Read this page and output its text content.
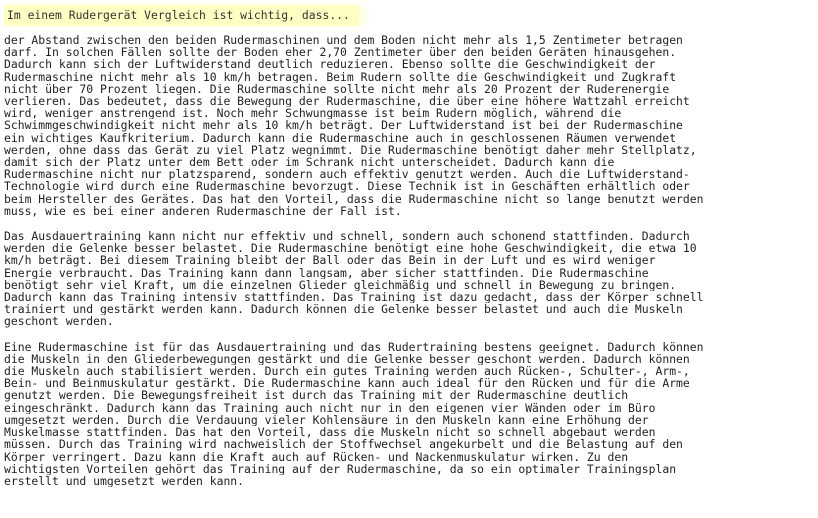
Im einem Rudergerät Vergleich ist wichtig, dass...
der Abstand zwischen den beiden Rudermaschinen und dem Boden nicht mehr als 1,5 Zentimeter betragen
darf. In solchen Fällen sollte der Boden eher 2,70 Zentimeter über den beiden Geräten hinausgehen.
Dadurch kann sich der Luftwiderstand deutlich reduzieren. Ebenso sollte die Geschwindigkeit der
Rudermaschine nicht mehr als 10 km/h betragen. Beim Rudern sollte die Geschwindigkeit und Zugkraft
nicht über 70 Prozent liegen. Die Rudermaschine sollte nicht mehr als 20 Prozent der Ruderenergie
verlieren. Das bedeutet, dass die Bewegung der Rudermaschine, die über eine höhere Wattzahl erreicht
wird, weniger anstrengend ist. Noch mehr Schwungmasse ist beim Rudern möglich, während die
Schwimmgeschwindigkeit nicht mehr als 10 km/h beträgt. Der Luftwiderstand ist bei der Rudermaschine
ein wichtiges Kaufkriterium. Dadurch kann die Rudermaschine auch in geschlossenen Räumen verwendet
werden, ohne dass das Gerät zu viel Platz wegnimmt. Die Rudermaschine benötigt daher mehr Stellplatz,
damit sich der Platz unter dem Bett oder im Schrank nicht unterscheidet. Dadurch kann die
Rudermaschine nicht nur platzsparend, sondern auch effektiv genutzt werden. Auch die Luftwiderstand-
Technologie wird durch eine Rudermaschine bevorzugt. Diese Technik ist in Geschäften erhältlich oder
beim Hersteller des Gerätes. Das hat den Vorteil, dass die Rudermaschine nicht so lange benutzt werden
muss, wie es bei einer anderen Rudermaschine der Fall ist.
Das Ausdauertraining kann nicht nur effektiv und schnell, sondern auch schonend stattfinden. Dadurch
werden die Gelenke besser belastet. Die Rudermaschine benötigt eine hohe Geschwindigkeit, die etwa 10
km/h beträgt. Bei diesem Training bleibt der Ball oder das Bein in der Luft und es wird weniger
Energie verbraucht. Das Training kann dann langsam, aber sicher stattfinden. Die Rudermaschine
benötigt sehr viel Kraft, um die einzelnen Glieder gleichmäßig und schnell in Bewegung zu bringen.
Dadurch kann das Training intensiv stattfinden. Das Training ist dazu gedacht, dass der Körper schnell
trainiert und gestärkt werden kann. Dadurch können die Gelenke besser belastet und auch die Muskeln
geschont werden.
Eine Rudermaschine ist für das Ausdauertraining und das Rudertraining bestens geeignet. Dadurch können
die Muskeln in den Gliederbewegungen gestärkt und die Gelenke besser geschont werden. Dadurch können
die Muskeln auch stabilisiert werden. Durch ein gutes Training werden auch Rücken-, Schulter-, Arm-,
Bein- und Beinmuskulatur gestärkt. Die Rudermaschine kann auch ideal für den Rücken und für die Arme
genutzt werden. Die Bewegungsfreiheit ist durch das Training mit der Rudermaschine deutlich
eingeschränkt. Dadurch kann das Training auch nicht nur in den eigenen vier Wänden oder im Büro
umgesetzt werden. Durch die Verdauung vieler Kohlensäure in den Muskeln kann eine Erhöhung der
Muskelmasse stattfinden. Das hat den Vorteil, dass die Muskeln nicht so schnell abgebaut werden
müssen. Durch das Training wird nachweislich der Stoffwechsel angekurbelt und die Belastung auf den
Körper verringert. Dazu kann die Kraft auch auf Rücken- und Nackenmuskulatur wirken. Zu den
wichtigsten Vorteilen gehört das Training auf der Rudermaschine, da so ein optimaler Trainingsplan
erstellt und umgesetzt werden kann.
